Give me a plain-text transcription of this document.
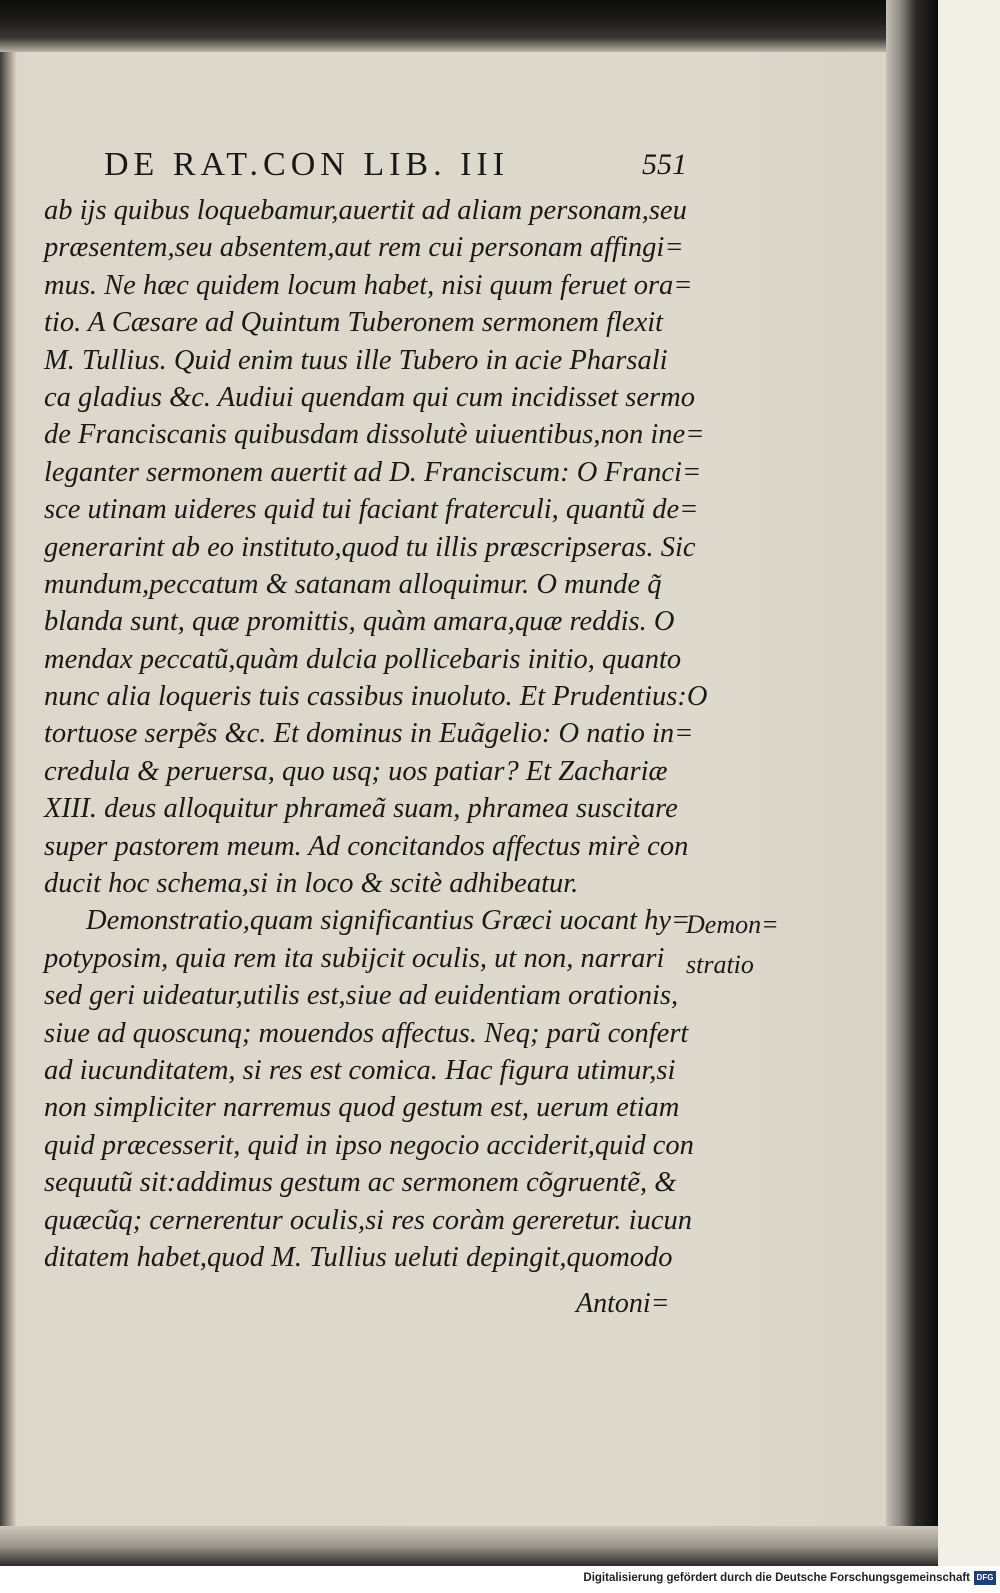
DE RAT.CON LIB. III	551
ab ijs quibus loquebamur,auertit ad aliam personam,seu
præsentem,seu absentem,aut rem cui personam affingi=
mus. Ne hæc quidem locum habet, nisi quum feruet ora=
tio. A Cæsare ad Quintum Tuberonem sermonem flexit
M. Tullius. Quid enim tuus ille Tubero in acie Pharsali
ca gladius &c. Audiui quendam qui cum incidisset sermo
de Franciscanis quibusdam dissolutè uiuentibus,non ine=
leganter sermonem auertit ad D. Franciscum: O Franci=
sce utinam uideres quid tui faciant fraterculi, quantũ de=
generarint ab eo instituto,quod tu illis præscripseras. Sic
mundum,peccatum & satanam alloquimur. O munde q̃
blanda sunt, quæ promittis, quàm amara,quæ reddis. O
mendax peccatũ,quàm dulcia pollicebaris initio, quanto
nunc alia loqueris tuis cassibus inuoluto. Et Prudentius:O
tortuose serpẽs &c. Et dominus in Euãgelio: O natio in=
credula & peruersa, quo usq; uos patiar? Et Zachariæ
XIII. deus alloquitur phrameã suam, phramea suscitare
super pastorem meum. Ad concitandos affectus mirè con
ducit hoc schema,si in loco & scitè adhibeatur.
Demonstratio,quam significantius Græci uocant hy=
potyposim, quia rem ita subijcit oculis, ut non, narrari
sed geri uideatur,utilis est,siue ad euidentiam orationis,
siue ad quoscunq; mouendos affectus. Neq; parũ confert
ad iucunditatem, si res est comica. Hac figura utimur,si
non simpliciter narremus quod gestum est, uerum etiam
quid præcesserit, quid in ipso negocio acciderit,quid con
sequutũ sit:addimus gestum ac sermonem cõgruentẽ, &
quæcũq; cernerentur oculis,si res coràm gereretur. iucun
ditatem habet,quod M. Tullius ueluti depingit,quomodo
Demon=
stratio
Antoni=
Digitalisierung gefördert durch die Deutsche Forschungsgemeinschaft DFG
